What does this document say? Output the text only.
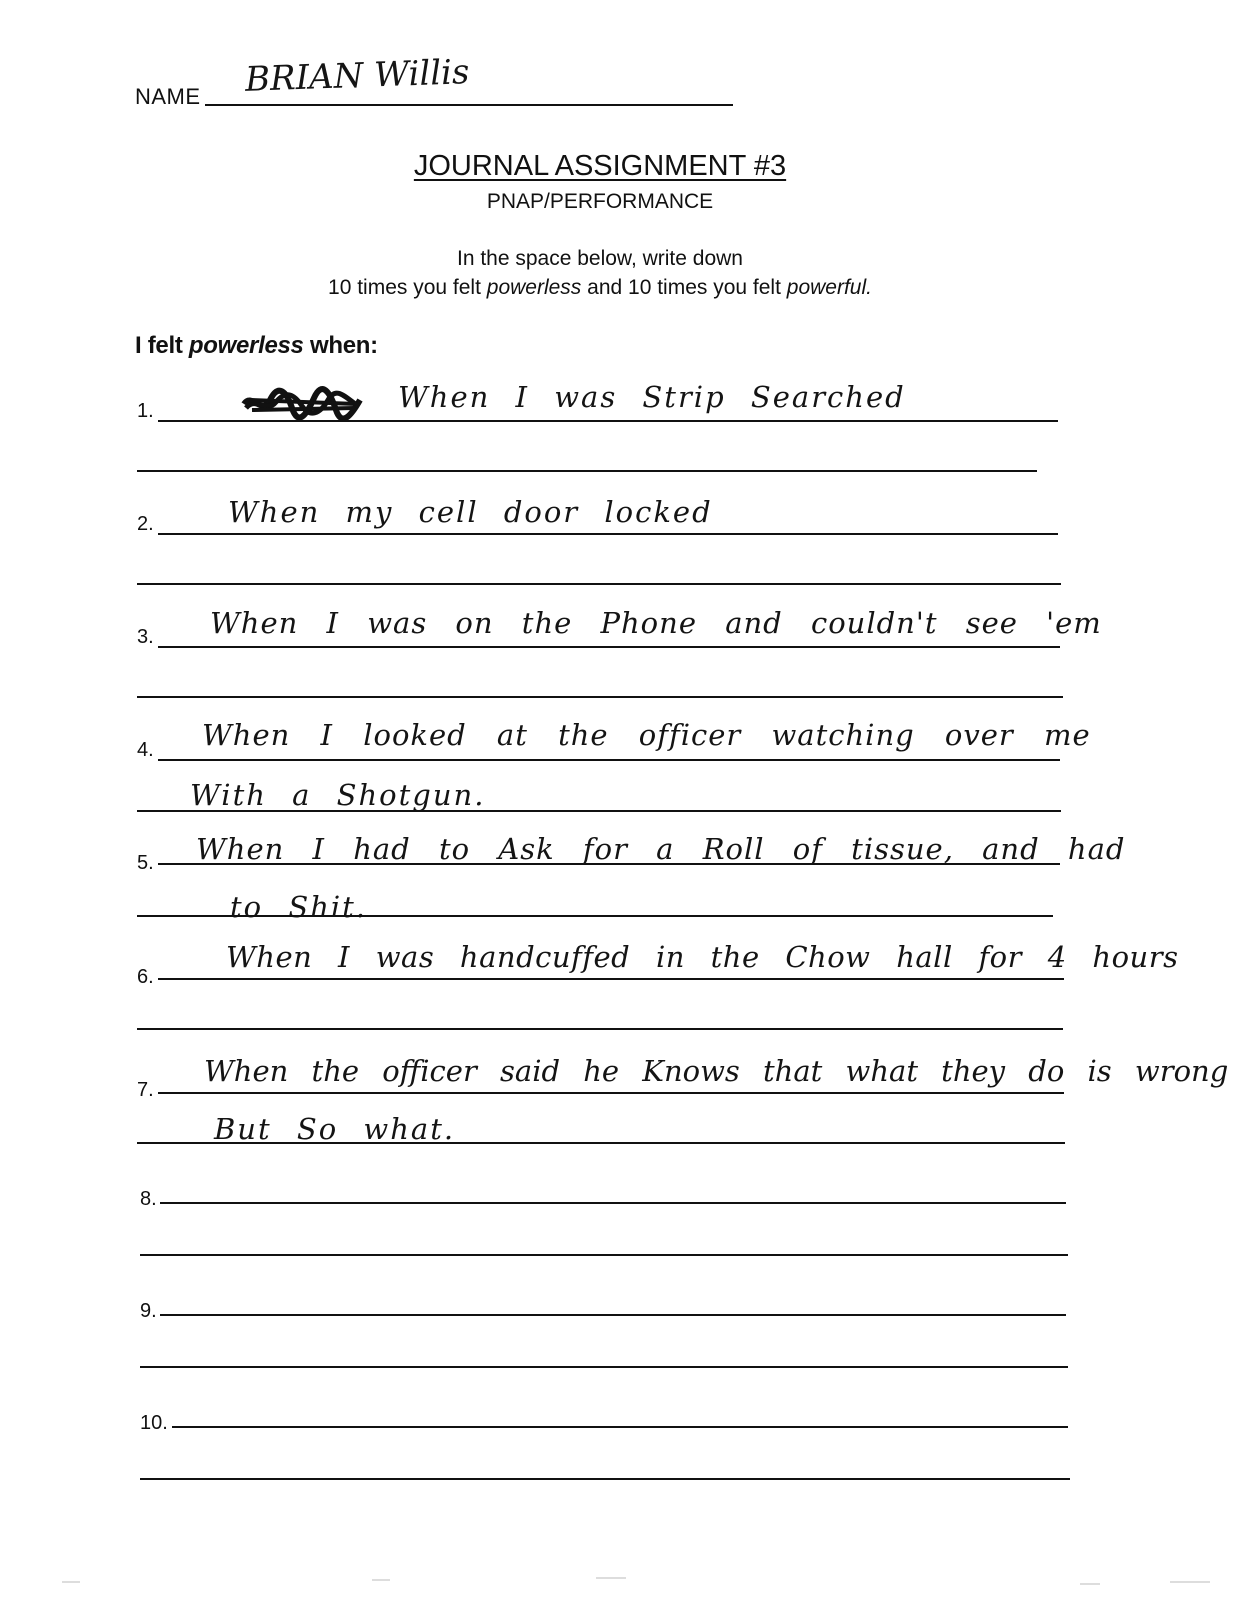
NAME BRIAN Willis
JOURNAL ASSIGNMENT #3
PNAP/PERFORMANCE
In the space below, write down
10 times you felt powerless and 10 times you felt powerful.
I felt powerless when:
1.	When I was Strip Searched
2.	When my cell door locked
3. When I was on the Phone and couldn't see 'em
4. When I looked at the officer watching over me
With a Shotgun.
5. When I had to Ask for a Roll of tissue, and had
to Shit.
6.
When I was handcuffed in the Chow hall for 4 hours
7.
When the officer said he Knows that what they do is wrong
But So what.
8.
9.
10.
